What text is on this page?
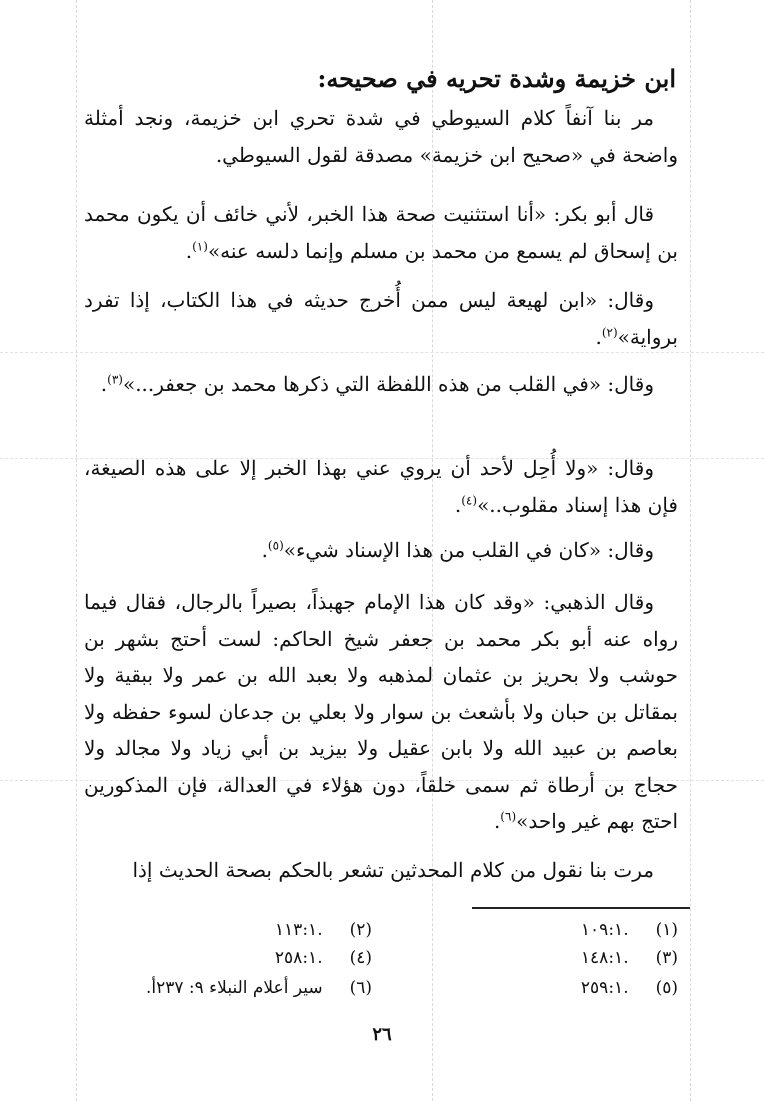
ابن خزيمة وشدة تحريه في صحيحه:

مر بنا آنفاً كلام السيوطي في شدة تحري ابن خزيمة، ونجد أمثلة واضحة في «صحيح ابن خزيمة» مصدقة لقول السيوطي.

قال أبو بكر: «أنا استثنيت صحة هذا الخبر، لأني خائف أن يكون محمد بن إسحاق لم يسمع من محمد بن مسلم وإنما دلسه عنه»$^{(١)}$.

وقال: «ابن لهيعة ليس ممن أُخرج حديثه في هذا الكتاب، إذا تفرد برواية»$^{(٢)}$.

وقال: «في القلب من هذه اللفظة التي ذكرها محمد بن جعفر...»$^{(٣)}$.

وقال: «ولا أُحِل لأحد أن يروي عني بهذا الخبر إلا على هذه الصيغة، فإن هذا إسناد مقلوب..»$^{(٤)}$.

وقال: «كان في القلب من هذا الإسناد شيء»$^{(٥)}$.

وقال الذهبي: «وقد كان هذا الإمام جهبذاً، بصيراً بالرجال، فقال فيما رواه عنه أبو بكر محمد بن جعفر شيخ الحاكم: لست أحتج بشهر بن حوشب ولا بحريز بن عثمان لمذهبه ولا بعبد الله بن عمر ولا ببقية ولا بمقاتل بن حبان ولا بأشعث بن سوار ولا بعلي بن جدعان لسوء حفظه ولا بعاصم بن عبيد الله ولا بابن عقيل ولا بيزيد بن أبي زياد ولا مجالد ولا حجاج بن أرطاة ثم سمى خلقاً، دون هؤلاء في العدالة، فإن المذكورين احتج بهم غير واحد»$^{(٦)}$.

مرت بنا نقول من كلام المحدثين تشعر بالحكم بصحة الحديث إذا

(١) .١٠٩:١
(٢) .١١٣:١
(٣) .١٤٨:١
(٤) .٢٥٨:١
(٥) .٢٥٩:١
(٦) سير أعلام النبلاء ٩: ٢٣٧أ.
٢٦
